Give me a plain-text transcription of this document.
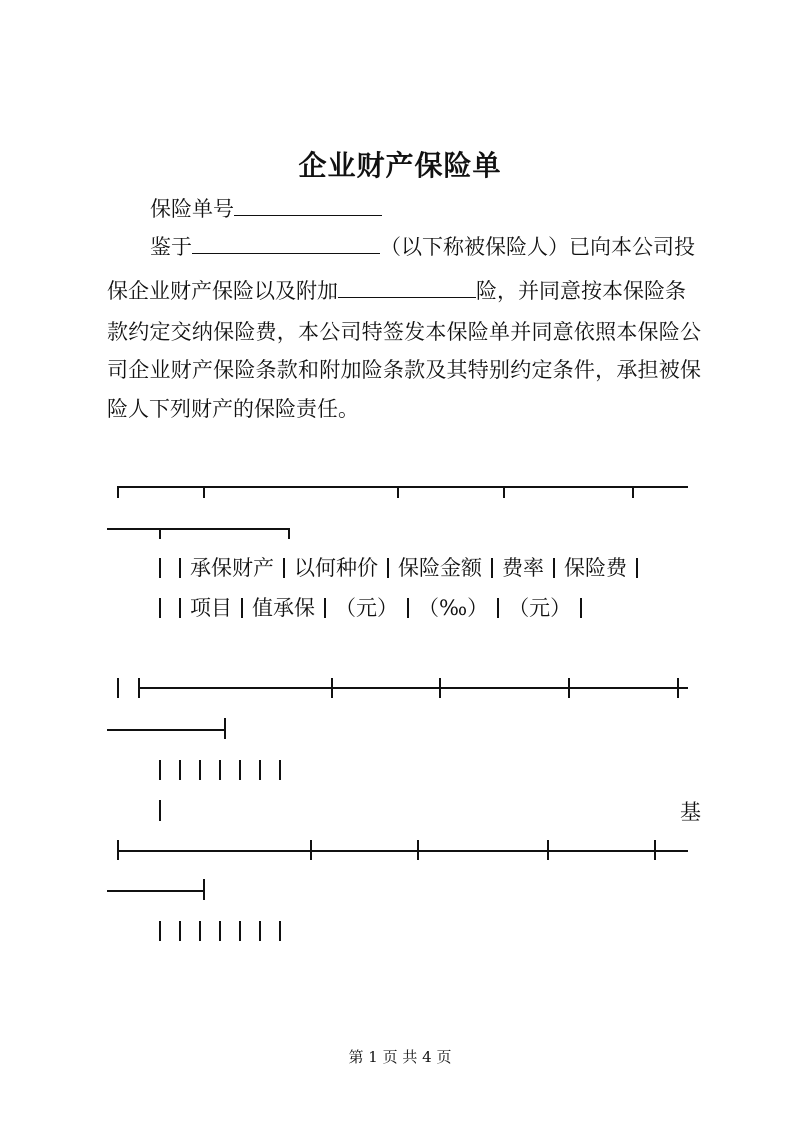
企业财产保险单
保险单号
鉴于	（以下称被保险人）已向本公司投
保企业财产保险以及附加	险，并同意按本保险条
款约定交纳保险费，本公司特签发本保险单并同意依照本保险公
司企业财产保险条款和附加险条款及其特别约定条件，承担被保
险人下列财产的保险责任。
承保财产 以何种价 保险金额 费率 保险费
项目 值承保 （元） （‰） （元）
基
第 1 页 共 4 页
